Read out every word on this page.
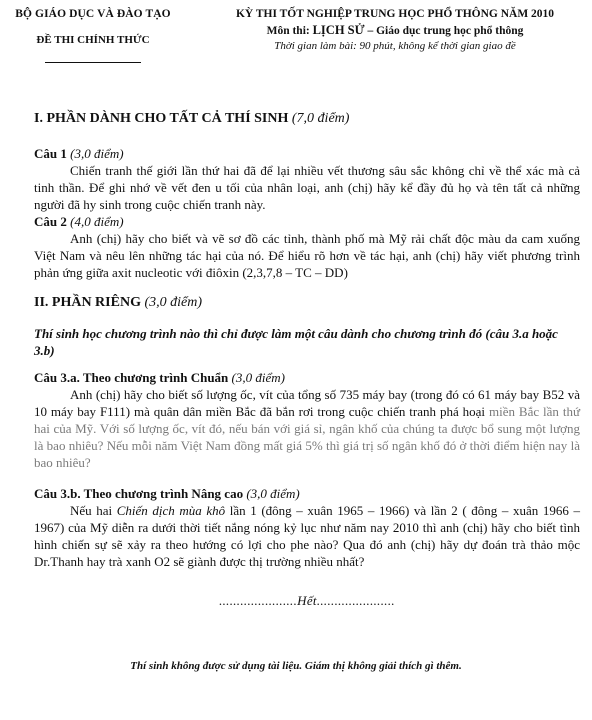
BỘ GIÁO DỤC VÀ ĐÀO TẠO
ĐỀ THI CHÍNH THỨC
KỲ THI TỐT NGHIỆP TRUNG HỌC PHỔ THÔNG NĂM 2010
Môn thi: LỊCH SỬ – Giáo dục trung học phổ thông
Thời gian làm bài: 90 phút, không kể thời gian giao đề

I. PHẦN DÀNH CHO TẤT CẢ THÍ SINH (7,0 điểm)

Câu 1 (3,0 điểm)

Chiến tranh thế giới lần thứ hai đã để lại nhiều vết thương sâu sắc không chỉ về thể xác mà cả tinh thần. Để ghi nhớ về vết đen u tối của nhân loại, anh (chị) hãy kể đầy đủ họ và tên tất cả những người đã hy sinh trong cuộc chiến tranh này.

Câu 2 (4,0 điểm)

Anh (chị) hãy cho biết và vẽ sơ đồ các tỉnh, thành phố mà Mỹ rải chất độc màu da cam xuống Việt Nam và nêu lên những tác hại của nó. Để hiểu rõ hơn về tác hại, anh (chị) hãy viết phương trình phản ứng giữa axit nucleotic với điôxin (2,3,7,8 – TC – DD)

II. PHẦN RIÊNG (3,0 điểm)

Thí sinh học chương trình nào thì chỉ được làm một câu dành cho chương trình đó (câu 3.a hoặc 3.b)

Câu 3.a. Theo chương trình Chuẩn (3,0 điểm)

Anh (chị) hãy cho biết số lượng ốc, vít của tổng số 735 máy bay (trong đó có 61 máy bay B52 và 10 máy bay F111) mà quân dân miền Bắc đã bắn rơi trong cuộc chiến tranh phá hoại miền Bắc lần thứ hai của Mỹ. Với số lượng ốc, vít đó, nếu bán với giá sỉ, ngân khố của chúng ta được bổ sung một lượng là bao nhiêu? Nếu mỗi năm Việt Nam đồng mất giá 5% thì giá trị số ngân khố đó ở thời điểm hiện nay là bao nhiêu?

Câu 3.b. Theo chương trình Nâng cao (3,0 điểm)

Nếu hai Chiến dịch mùa khô lần 1 (đông – xuân 1965 – 1966) và lần 2 ( đông – xuân 1966 – 1967) của Mỹ diễn ra dưới thời tiết nắng nóng kỷ lục như năm nay 2010 thì anh (chị) hãy cho biết tình hình chiến sự sẽ xảy ra theo hướng có lợi cho phe nào? Qua đó anh (chị) hãy dự đoán trà thảo mộc Dr.Thanh hay trà xanh O2 sẽ giành được thị trường nhiều nhất?

......................Hết......................
Thí sinh không được sử dụng tài liệu. Giám thị không giải thích gì thêm.
